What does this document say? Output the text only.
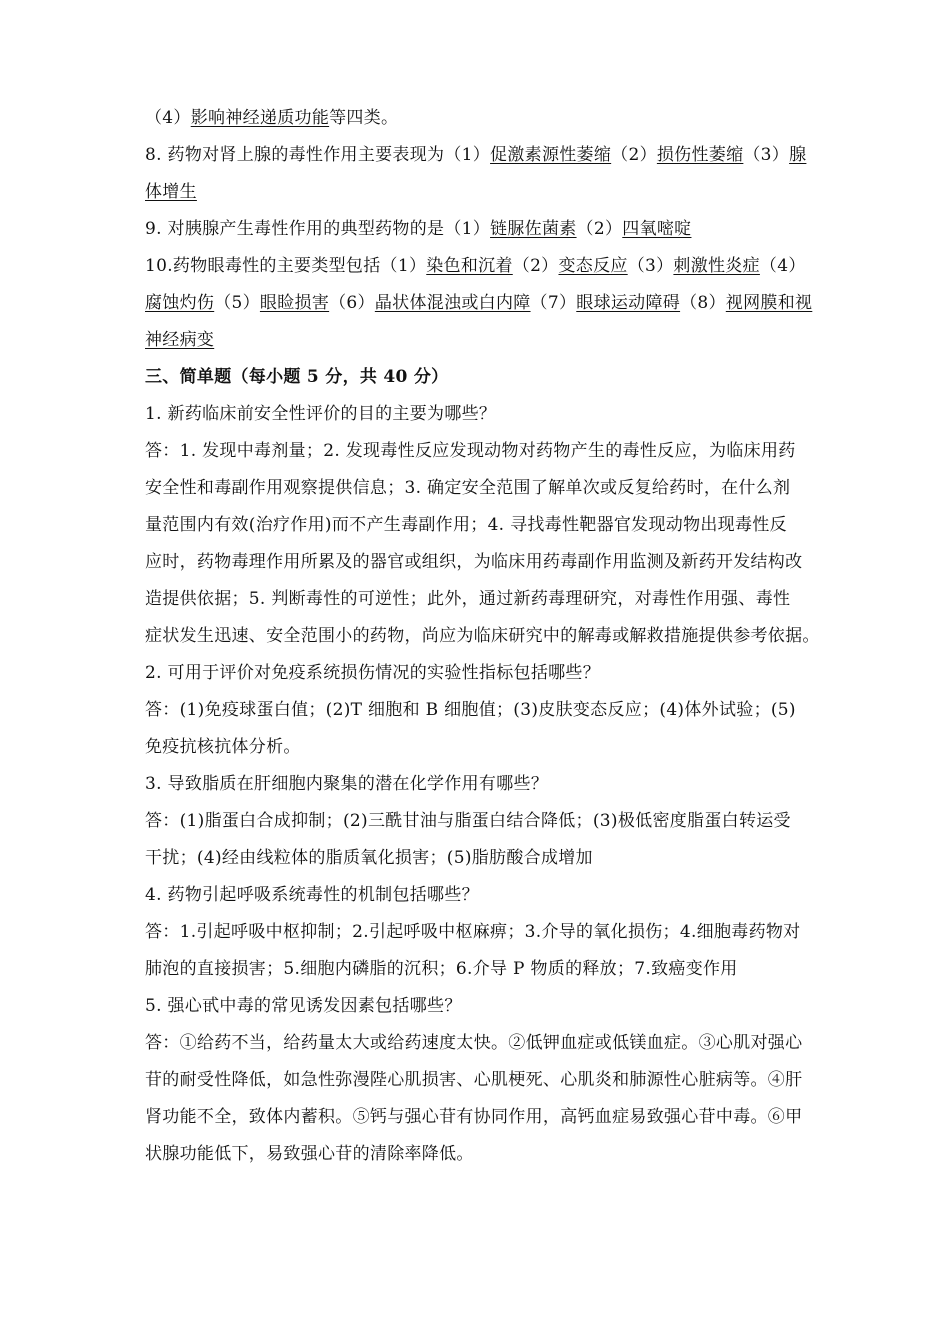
（4）影响神经递质功能等四类。
8. 药物对肾上腺的毒性作用主要表现为（1）促激素源性萎缩（2）损伤性萎缩（3）腺
体增生
9. 对胰腺产生毒性作用的典型药物的是（1）链脲佐菌素（2）四氧嘧啶
10.药物眼毒性的主要类型包括（1）染色和沉着（2）变态反应（3）刺激性炎症（4）
腐蚀灼伤（5）眼睑损害（6）晶状体混浊或白内障（7）眼球运动障碍（8）视网膜和视
神经病变
三、简单题（每小题 5 分，共 40 分）
1. 新药临床前安全性评价的目的主要为哪些？
答：1. 发现中毒剂量；2. 发现毒性反应发现动物对药物产生的毒性反应，为临床用药
安全性和毒副作用观察提供信息；3. 确定安全范围了解单次或反复给药时，在什么剂
量范围内有效(治疗作用)而不产生毒副作用；4. 寻找毒性靶器官发现动物出现毒性反
应时，药物毒理作用所累及的器官或组织，为临床用药毒副作用监测及新药开发结构改
造提供依据；5. 判断毒性的可逆性；此外，通过新药毒理研究，对毒性作用强、毒性
症状发生迅速、安全范围小的药物，尚应为临床研究中的解毒或解救措施提供参考依据。
2. 可用于评价对免疫系统损伤情况的实验性指标包括哪些？
答：(1)免疫球蛋白值；(2)T 细胞和 B 细胞值；(3)皮肤变态反应；(4)体外试验；(5)
免疫抗核抗体分析。
3. 导致脂质在肝细胞内聚集的潜在化学作用有哪些？
答：(1)脂蛋白合成抑制；(2)三酰甘油与脂蛋白结合降低；(3)极低密度脂蛋白转运受
干扰；(4)经由线粒体的脂质氧化损害；(5)脂肪酸合成增加
4. 药物引起呼吸系统毒性的机制包括哪些？
答：1.引起呼吸中枢抑制；2.引起呼吸中枢麻痹；3.介导的氧化损伤；4.细胞毒药物对
肺泡的直接损害；5.细胞内磷脂的沉积；6.介导 P 物质的释放；7.致癌变作用
5. 强心甙中毒的常见诱发因素包括哪些？
答：①给药不当，给药量太大或给药速度太快。②低钾血症或低镁血症。③心肌对强心
苷的耐受性降低，如急性弥漫陛心肌损害、心肌梗死、心肌炎和肺源性心脏病等。④肝
肾功能不全，致体内蓄积。⑤钙与强心苷有协同作用，高钙血症易致强心苷中毒。⑥甲
状腺功能低下，易致强心苷的清除率降低。
